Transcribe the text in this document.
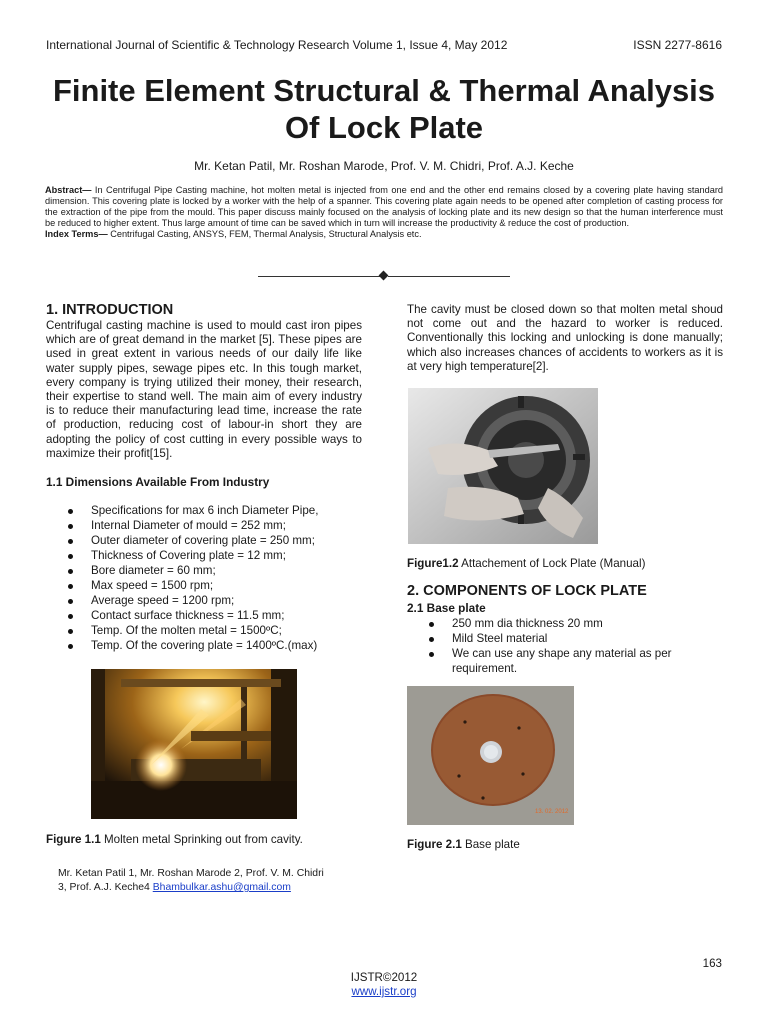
International Journal of Scientific & Technology Research Volume 1, Issue 4, May 2012	ISSN 2277-8616
Finite Element Structural & Thermal Analysis
Of Lock Plate
Mr. Ketan Patil, Mr. Roshan Marode, Prof. V. M. Chidri, Prof. A.J. Keche
Abstract— In Centrifugal Pipe Casting machine, hot molten metal is injected from one end and the other end remains closed by a covering plate having standard dimension. This covering plate is locked by a worker with the help of a spanner. This covering plate again needs to be opened after completion of casting process for the extraction of the pipe from the mould. This paper discuss mainly focused on the analysis of locking plate and its new design so that the human interference must be reduced to higher extent. Thus large amount of time can be saved which in turn will increase the productivity & reduce the cost of production.
Index Terms— Centrifugal Casting, ANSYS, FEM, Thermal Analysis, Structural Analysis etc.
1. INTRODUCTION
Centrifugal casting machine is used to mould cast iron pipes which are of great demand in the market [5]. These pipes are used in great extent in various needs of our daily life like water supply pipes, sewage pipes etc. In this tough market, every company is trying utilized their money, their research, their expertise to stand well. The main aim of every industry is to reduce their manufacturing lead time, increase the rate of production, reducing cost of labour-in short they are adopting the policy of cost cutting in every possible ways to maximize their profit[15].
1.1 Dimensions Available From Industry
Specifications for max 6 inch Diameter Pipe,
Internal Diameter of mould = 252 mm;
Outer diameter of covering plate = 250 mm;
Thickness of Covering plate = 12 mm;
Bore diameter = 60 mm;
Max speed = 1500 rpm;
Average speed = 1200 rpm;
Contact surface thickness = 11.5 mm;
Temp. Of the molten metal = 1500ºC;
Temp. Of the covering plate = 1400ºC.(max)
Figure 1.1 Molten metal Sprinking out from cavity.
Mr. Ketan Patil 1, Mr. Roshan Marode 2, Prof. V. M. Chidri
3, Prof. A.J. Keche4 Bhambulkar.ashu@gmail.com
The cavity must be closed down so that molten metal shoud not come out and the hazard to worker is reduced. Conventionally this locking and unlocking is done manually; which also increases chances of accidents to workers as it is at very high temperature[2].
Figure1.2 Attachement of Lock Plate (Manual)
2. COMPONENTS OF LOCK PLATE
2.1 Base plate
250 mm dia thickness 20 mm
Mild Steel material
We can use any shape any material as per requirement.
13. 02. 2012
Figure 2.1 Base plate
163
IJSTR©2012
www.ijstr.org
